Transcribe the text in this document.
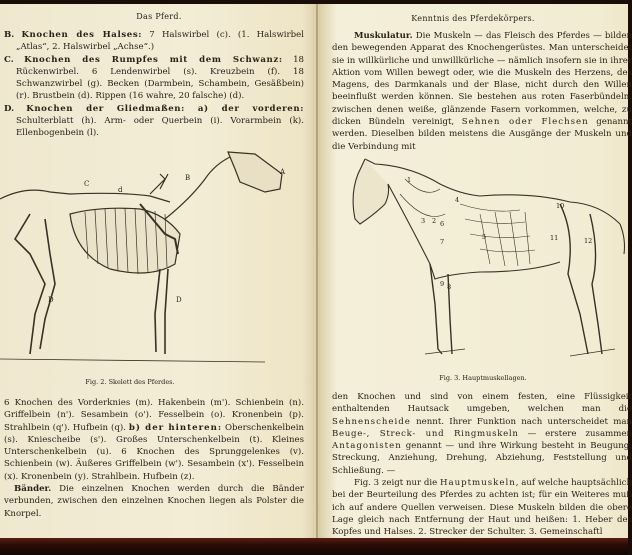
Das Pferd.

B. Knochen des Halses: 7 Halswirbel (c). (1. Halswirbel „Atlas“, 2. Halswirbel „Achse“.)

C. Knochen des Rumpfes mit dem Schwanz: 18 Rückenwirbel. 6 Lendenwirbel (s). Kreuzbein (f). 18 Schwanzwirbel (g). Becken (Darmbein, Schambein, Gesäßbein) (r). Brustbein (d). Rippen (16 wahre, 20 falsche) (d).

D. Knochen der Gliedmaßen: a) der vorderen: Schulterblatt (h). Arm- oder Querbein (i). Vorarmbein (k). Ellenbogenbein (l).

A
B
C
d
D	D
Fig. 2. Skelett des Pferdes.

6 Knochen des Vorderknies (m). Hakenbein (m'). Schienbein (n). Griffelbein (n'). Sesambein (o'). Fesselbein (o). Kronenbein (p). Strahlbein (q'). Hufbein (q). b) der hinteren: Oberschenkelbein (s). Kniescheibe (s'). Großes Unterschenkelbein (t). Kleines Unterschenkelbein (u). 6 Knochen des Sprunggelenkes (v). Schienbein (w). Äußeres Griffelbein (w'). Sesambein (x'). Fesselbein (x). Kronenbein (y). Strahlbein. Hufbein (z).

Bänder. Die einzelnen Knochen werden durch die Bänder verbunden, zwischen den einzelnen Knochen liegen als Polster die Knorpel.

Kenntnis des Pferdekörpers.

Muskulatur. Die Muskeln — das Fleisch des Pferdes — bilden den bewegenden Apparat des Knochengerüstes. Man unterscheidet sie in willkürliche und unwillkürliche — nämlich insofern sie in ihrer Aktion vom Willen bewegt oder, wie die Muskeln des Herzens, des Magens, des Darmkanals und der Blase, nicht durch den Willen beeinflußt werden können. Sie bestehen aus roten Faserbündeln, zwischen denen weiße, glänzende Fasern vorkommen, welche, zu dicken Bündeln vereinigt, Sehnen oder Flechsen genannt werden. Dieselben bilden meistens die Ausgänge der Muskeln und die Verbindung mit

1
2
3
4
5
6
7
8
9
10
11	12
Fig. 3. Hauptmuskellagen.

den Knochen und sind von einem festen, eine Flüssigkeit enthaltenden Hautsack umgeben, welchen man die Sehnenscheide nennt. Ihrer Funktion nach unterscheidet man Beuge-, Streck- und Ringmuskeln — erstere zusammen Antagonisten genannt — und ihre Wirkung besteht in Beugung, Streckung, Anziehung, Drehung, Abziehung, Feststellung und Schließung. —

Fig. 3 zeigt nur die Hauptmuskeln, auf welche hauptsächlich bei der Beurteilung des Pferdes zu achten ist; für ein Weiteres muß ich auf andere Quellen verweisen. Diese Muskeln bilden die obere Lage gleich nach Entfernung der Haut und heißen: 1. Heber des Kopfes und Halses. 2. Strecker der Schulter. 3. Gemeinschaftl
